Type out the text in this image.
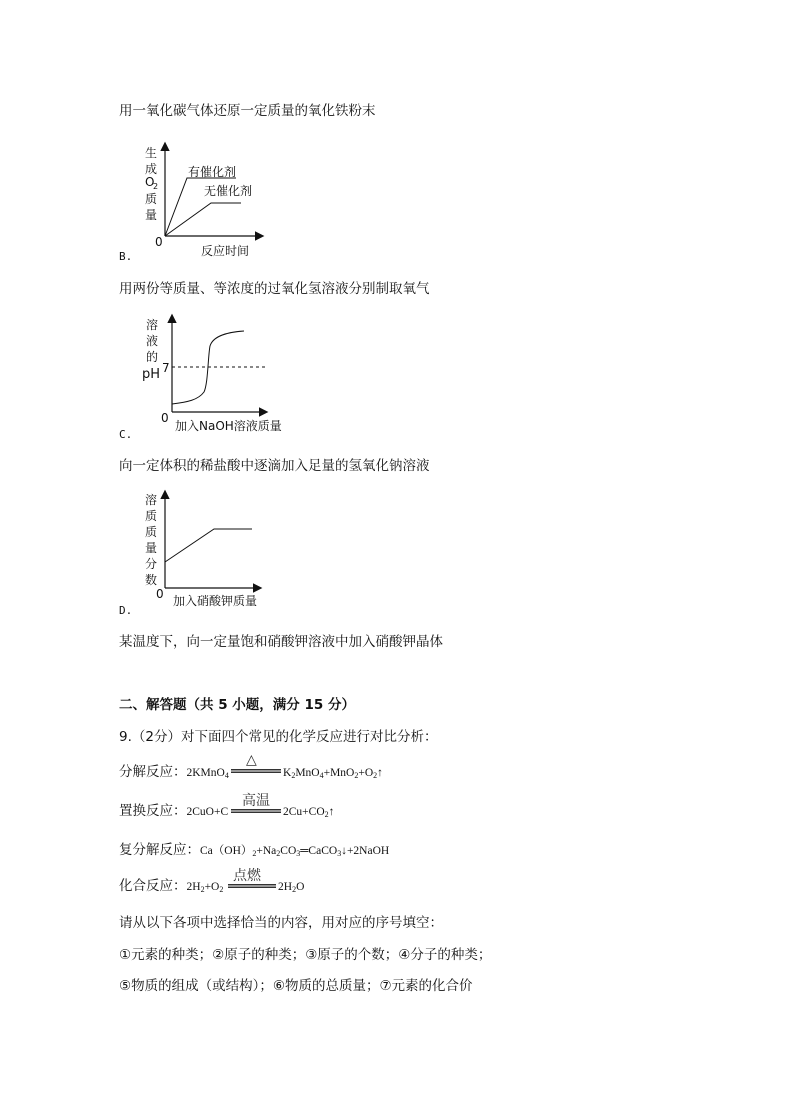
用一氧化碳气体还原一定质量的氧化铁粉末
生
成
O
2
质
量
有催化剂
无催化剂
0
反应时间
B.
用两份等质量、等浓度的过氧化氢溶液分别制取氧气
溶
液
的
pH 7
0
加入NaOH溶液质量
C.
向一定体积的稀盐酸中逐滴加入足量的氢氧化钠溶液
溶
质
质
量
分
数
0 加入硝酸钾质量
D.
某温度下，向一定量饱和硝酸钾溶液中加入硝酸钾晶体
二、解答题（共 5 小题，满分 15 分）
9.（2分）对下面四个常见的化学反应进行对比分析：
分解反应：2KMnO$_4$
△
$K_2MnO_4+MnO_2+O_2↑$
置换反应：2CuO+C
高温
$2Cu+CO_2↑$
复分解反应：$Ca(OH)_2+Na_2CO_3═CaCO_3↓+2NaOH$
化合反应：$2H_2+O_2$
点燃
$2H_2O$
请从以下各项中选择恰当的内容，用对应的序号填空：
①元素的种类；②原子的种类；③原子的个数；④分子的种类；
⑤物质的组成（或结构）；⑥物质的总质量；⑦元素的化合价
